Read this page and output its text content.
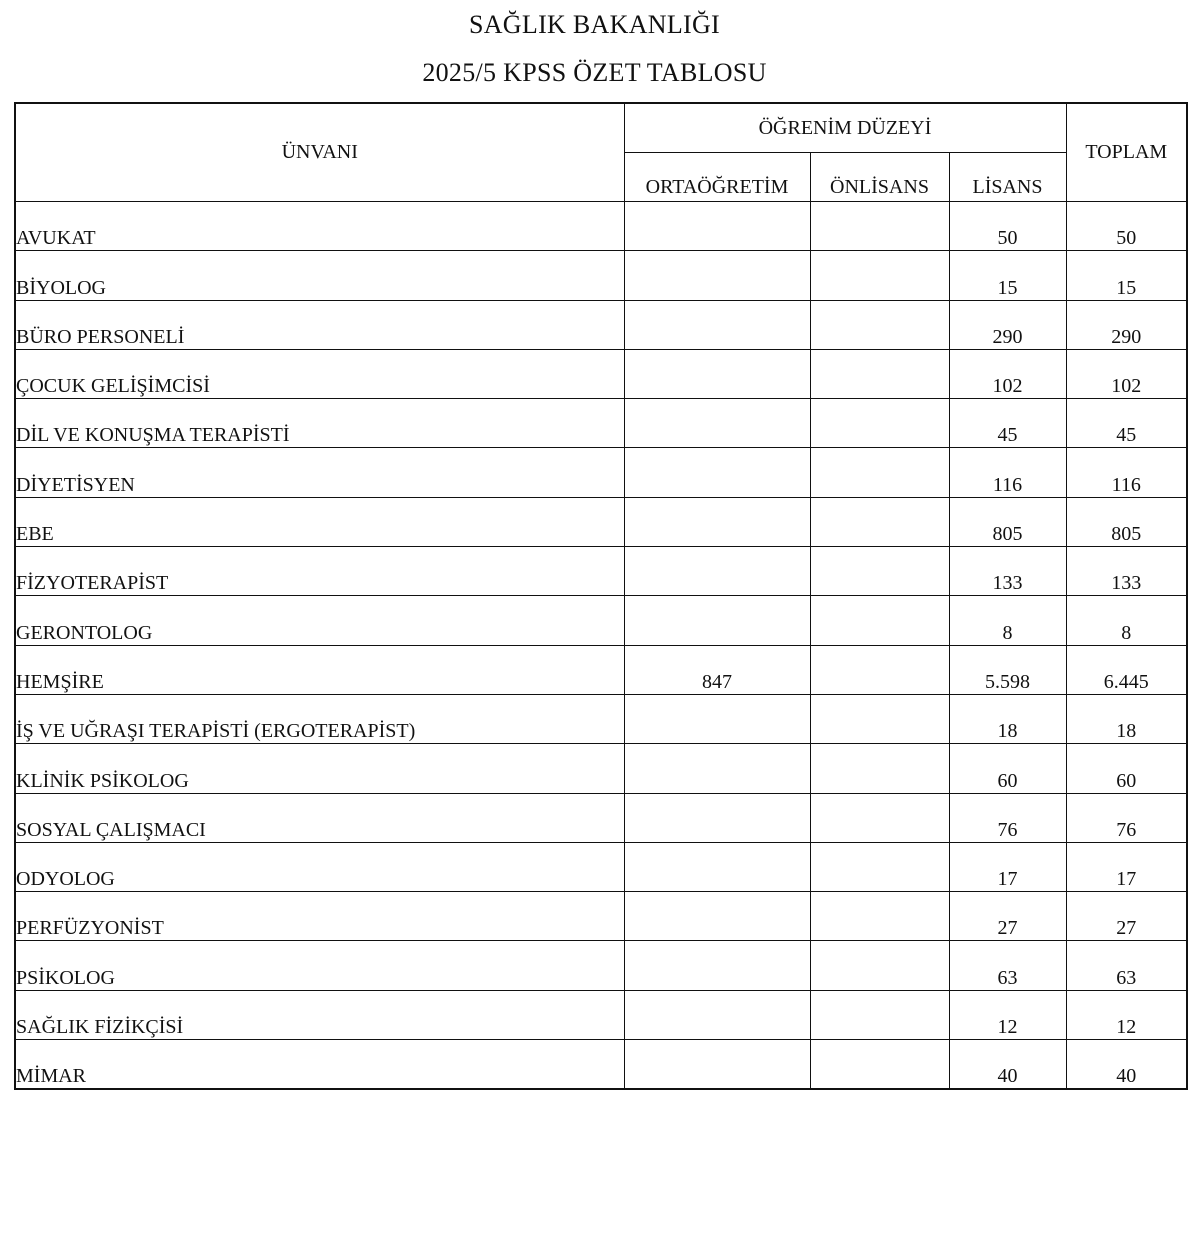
SAĞLIK BAKANLIĞI
2025/5 KPSS ÖZET TABLOSU
ÜNVANI	ÖĞRENİM DÜZEYİ			TOPLAM
	ORTAÖĞRETİM	ÖNLİSANS	LİSANS	
AVUKAT			50	50
BİYOLOG			15	15
BÜRO PERSONELİ			290	290
ÇOCUK GELİŞİMCİSİ			102	102
DİL VE KONUŞMA TERAPİSTİ			45	45
DİYETİSYEN			116	116
EBE			805	805
FİZYOTERAPİST			133	133
GERONTOLOG			8	8
HEMŞİRE	847		5.598	6.445
İŞ VE UĞRAŞI TERAPİSTİ (ERGOTERAPİST)			18	18
KLİNİK PSİKOLOG			60	60
SOSYAL ÇALIŞMACI			76	76
ODYOLOG			17	17
PERFÜZYONİST			27	27
PSİKOLOG			63	63
SAĞLIK FİZİKÇİSİ			12	12
MİMAR			40	40
